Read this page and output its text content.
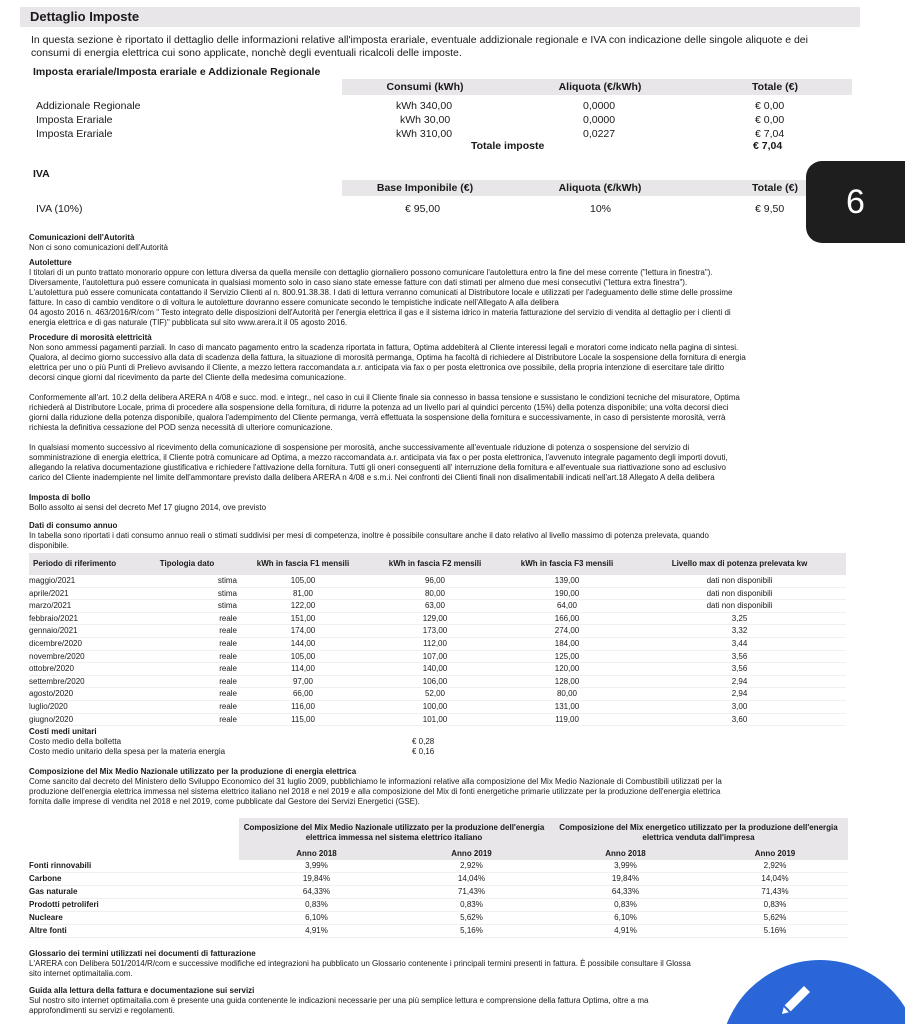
Dettaglio Imposte
In questa sezione è riportato il dettaglio delle informazioni relative all'imposta erariale, eventuale addizionale regionale e IVA con indicazione delle singole aliquote e dei consumi di energia elettrica cui sono applicate, nonchè degli eventuali ricalcoli delle imposte.
Imposta erariale/Imposta erariale e Addizionale Regionale
Consumi (kWh)	Aliquota (€/kWh)	Totale (€)
Addizionale Regionale	kWh 340,00	0,0000	€ 0,00
Imposta Erariale	kWh 30,00	0,0000	€ 0,00
Imposta Erariale	kWh 310,00	0,0227	€ 7,04
Totale imposte	€ 7,04
IVA
Base Imponibile (€)	Aliquota (€/kWh)	Totale (€)
IVA (10%)	€ 95,00	10%	€ 9,50
Comunicazioni dell'Autorità
Non ci sono comunicazioni dell'Autorità
Autoletture
I titolari di un punto trattato monorario oppure con lettura diversa da quella mensile con dettaglio giornaliero possono comunicare l'autolettura entro la fine del mese corrente ("lettura in finestra").
Diversamente, l'autolettura può essere comunicata in qualsiasi momento solo in caso siano state emesse fatture con dati stimati per almeno due mesi consecutivi ("lettura extra finestra").
L'autolettura può essere comunicata contattando il Servizio Clienti al n. 800.91.38.38. I dati di lettura verranno comunicati al Distributore locale e utilizzati per l'adeguamento delle stime delle prossime
fatture. In caso di cambio venditore o di voltura le autoletture dovranno essere comunicate secondo le tempistiche indicate nell'Allegato A alla delibera
04 agosto 2016 n. 463/2016/R/com " Testo integrato delle disposizioni dell'Autorità per l'energia elettrica il gas e il sistema idrico in materia fatturazione del servizio di vendita al dettaglio per i clienti di
energia elettrica e di gas naturale (TIF)" pubblicata sul sito www.arera.it il 05 agosto 2016.
Procedure di morosità elettricità
Non sono ammessi pagamenti parziali. In caso di mancato pagamento entro la scadenza riportata in fattura, Optima addebiterà al Cliente interessi legali e moratori come indicato nella pagina di sintesi.
Qualora, al decimo giorno successivo alla data di scadenza della fattura, la situazione di morosità permanga, Optima ha facoltà di richiedere al Distributore Locale la sospensione della fornitura di energia
elettrica per uno o più Punti di Prelievo avvisando il Cliente, a mezzo lettera raccomandata a.r. anticipata via fax o per posta elettronica ove possibile, della propria intenzione di esercitare tale diritto
decorsi cinque giorni dal ricevimento da parte del Cliente della medesima comunicazione.
Conformemente all'art. 10.2 della delibera ARERA n 4/08 e succ. mod. e integr., nel caso in cui il Cliente finale sia connesso in bassa tensione e sussistano le condizioni tecniche del misuratore, Optima
richiederà al Distributore Locale, prima di procedere alla sospensione della fornitura, di ridurre la potenza ad un livello pari al quindici percento (15%) della potenza disponibile; una volta decorsi dieci
giorni dalla riduzione della potenza disponibile, qualora l'adempimento del Cliente permanga, verrà effettuata la sospensione della fornitura e successivamente, in caso di persistente morosità, verrà
richiesta la definitiva cessazione del POD senza necessità di ulteriore comunicazione.
In qualsiasi momento successivo al ricevimento della comunicazione di sospensione per morosità, anche successivamente all'eventuale riduzione di potenza o sospensione del servizio di
somministrazione di energia elettrica, il Cliente potrà comunicare ad Optima, a mezzo raccomandata a.r. anticipata via fax o per posta elettronica, l'avvenuto integrale pagamento degli importi dovuti,
allegando la relativa documentazione giustificativa e richiedere l'attivazione della fornitura. Tutti gli oneri conseguenti all' interruzione della fornitura e all'eventuale sua riattivazione sono ad esclusivo
carico del Cliente inadempiente nel limite dell'ammontare previsto dalla delibera ARERA n 4/08 e s.m.i. Nei confronti dei Clienti finali non disalimentabili indicati nell'art.18 Allegato A della delibera
Imposta di bollo
Bollo assolto ai sensi del decreto Mef 17 giugno 2014, ove previsto
Dati di consumo annuo
In tabella sono riportati i dati consumo annuo reali o stimati suddivisi per mesi di competenza, inoltre è possibile consultare anche il dato relativo al livello massimo di potenza prelevata, quando
disponibile.
Periodo di riferimento	Tipologia dato	kWh in fascia F1 mensili	kWh in fascia F2 mensili	kWh in fascia F3 mensili	Livello max di potenza prelevata kw
maggio/2021	stima	105,00	96,00	139,00	dati non disponibili
aprile/2021	stima	81,00	80,00	190,00	dati non disponibili
marzo/2021	stima	122,00	63,00	64,00	dati non disponibili
febbraio/2021	reale	151,00	129,00	166,00	3,25
gennaio/2021	reale	174,00	173,00	274,00	3,32
dicembre/2020	reale	144,00	112,00	184,00	3,44
novembre/2020	reale	105,00	107,00	125,00	3,56
ottobre/2020	reale	114,00	140,00	120,00	3,56
settembre/2020	reale	97,00	106,00	128,00	2,94
agosto/2020	reale	66,00	52,00	80,00	2,94
luglio/2020	reale	116,00	100,00	131,00	3,00
giugno/2020	reale	115,00	101,00	119,00	3,60
Costi medi unitari
Costo medio della bolletta	€ 0,28
Costo medio unitario della spesa per la materia energia	€ 0,16
Composizione del Mix Medio Nazionale utilizzato per la produzione di energia elettrica
Come sancito dal decreto del Ministero dello Sviluppo Economico del 31 luglio 2009, pubblichiamo le informazioni relative alla composizione del Mix Medio Nazionale di Combustibili utilizzati per la
produzione dell'energia elettrica immessa nel sistema elettrico italiano nel 2018 e nel 2019 e alla composizione del Mix di fonti energetiche primarie utilizzate per la produzione dell'energia elettrica
fornita dalle imprese di vendita nel 2018 e nel 2019, come pubblicate dal Gestore dei Servizi Energetici (GSE).
	Composizione del Mix Medio Nazionale utilizzato per la produzione dell'energia elettrica immessa nel sistema elettrico italiano		Composizione del Mix energetico utilizzato per la produzione dell'energia elettrica venduta dall'impresa	
	Anno 2018	Anno 2019	Anno 2018	Anno 2019
Fonti rinnovabili	3,99%	2,92%	3,99%	2,92%
Carbone	19,84%	14,04%	19,84%	14,04%
Gas naturale	64,33%	71,43%	64,33%	71,43%
Prodotti petroliferi	0,83%	0,83%	0,83%	0,83%
Nucleare	6,10%	5,62%	6,10%	5,62%
Altre fonti	4,91%	5,16%	4,91%	5.16%
Glossario dei termini utilizzati nei documenti di fatturazione
L'ARERA con Delibera 501/2014/R/com e successive modifiche ed integrazioni ha pubblicato un Glossario contenente i principali termini presenti in fattura. È possibile consultare il Glossa
sito internet optimaitalia.com.
Guida alla lettura della fattura e documentazione sui servizi
Sul nostro sito internet optimaitalia.com è presente una guida contenente le indicazioni necessarie per una più semplice lettura e comprensione della fattura Optima, oltre a ma
approfondimenti su servizi e regolamenti.
6
